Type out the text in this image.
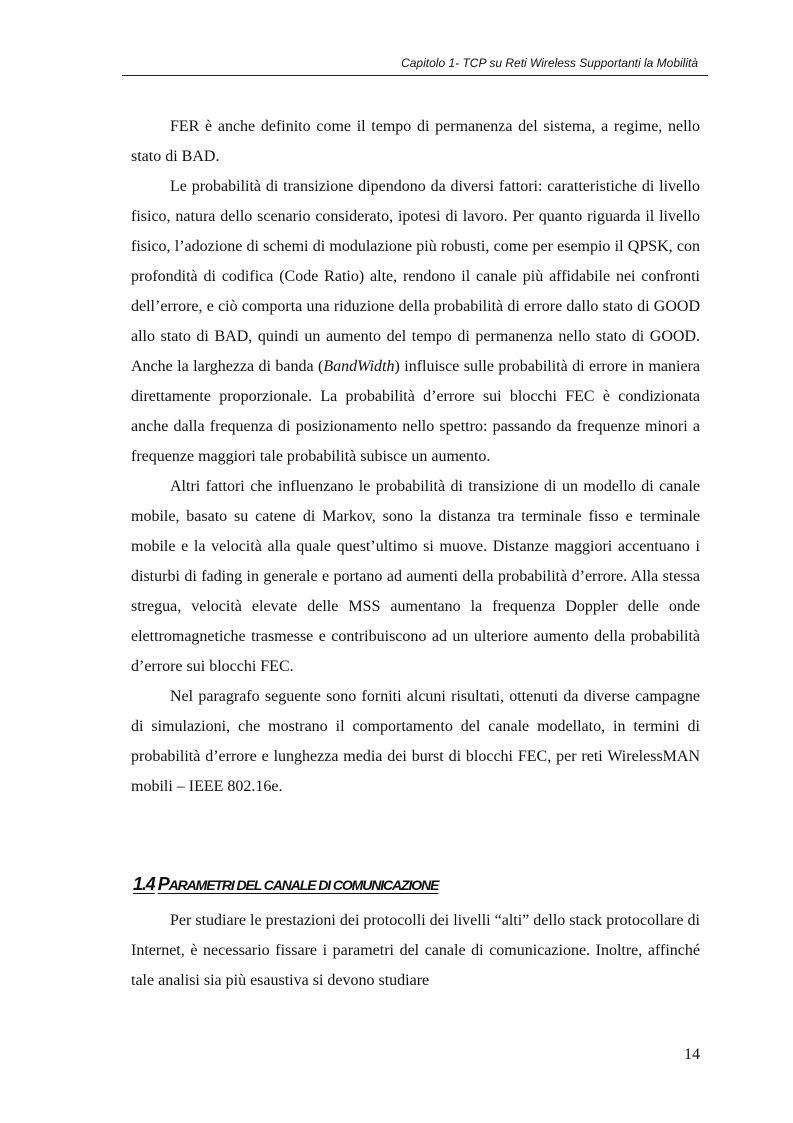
Capitolo 1- TCP su Reti Wireless Supportanti la Mobilità

FER è anche definito come il tempo di permanenza del sistema, a regime, nello stato di BAD.

Le probabilità di transizione dipendono da diversi fattori: caratteristiche di livello fisico, natura dello scenario considerato, ipotesi di lavoro. Per quanto riguarda il livello fisico, l’adozione di schemi di modulazione più robusti, come per esempio il QPSK, con profondità di codifica (Code Ratio) alte, rendono il canale più affidabile nei confronti dell’errore, e ciò comporta una riduzione della probabilità di errore dallo stato di GOOD allo stato di BAD, quindi un aumento del tempo di permanenza nello stato di GOOD. Anche la larghezza di banda (BandWidth) influisce sulle probabilità di errore in maniera direttamente proporzionale. La probabilità d’errore sui blocchi FEC è condizionata anche dalla frequenza di posizionamento nello spettro: passando da frequenze minori a frequenze maggiori tale probabilità subisce un aumento.

Altri fattori che influenzano le probabilità di transizione di un modello di canale mobile, basato su catene di Markov, sono la distanza tra terminale fisso e terminale mobile e la velocità alla quale quest’ultimo si muove. Distanze maggiori accentuano i disturbi di fading in generale e portano ad aumenti della probabilità d’errore. Alla stessa stregua, velocità elevate delle MSS aumentano la frequenza Doppler delle onde elettromagnetiche trasmesse e contribuiscono ad un ulteriore aumento della probabilità d’errore sui blocchi FEC.

Nel paragrafo seguente sono forniti alcuni risultati, ottenuti da diverse campagne di simulazioni, che mostrano il comportamento del canale modellato, in termini di probabilità d’errore e lunghezza media dei burst di blocchi FEC, per reti WirelessMAN mobili – IEEE 802.16e.

1.4 PARAMETRI DEL CANALE DI COMUNICAZIONE

Per studiare le prestazioni dei protocolli dei livelli “alti” dello stack protocollare di Internet, è necessario fissare i parametri del canale di comunicazione. Inoltre, affinché tale analisi sia più esaustiva si devono studiare

14
